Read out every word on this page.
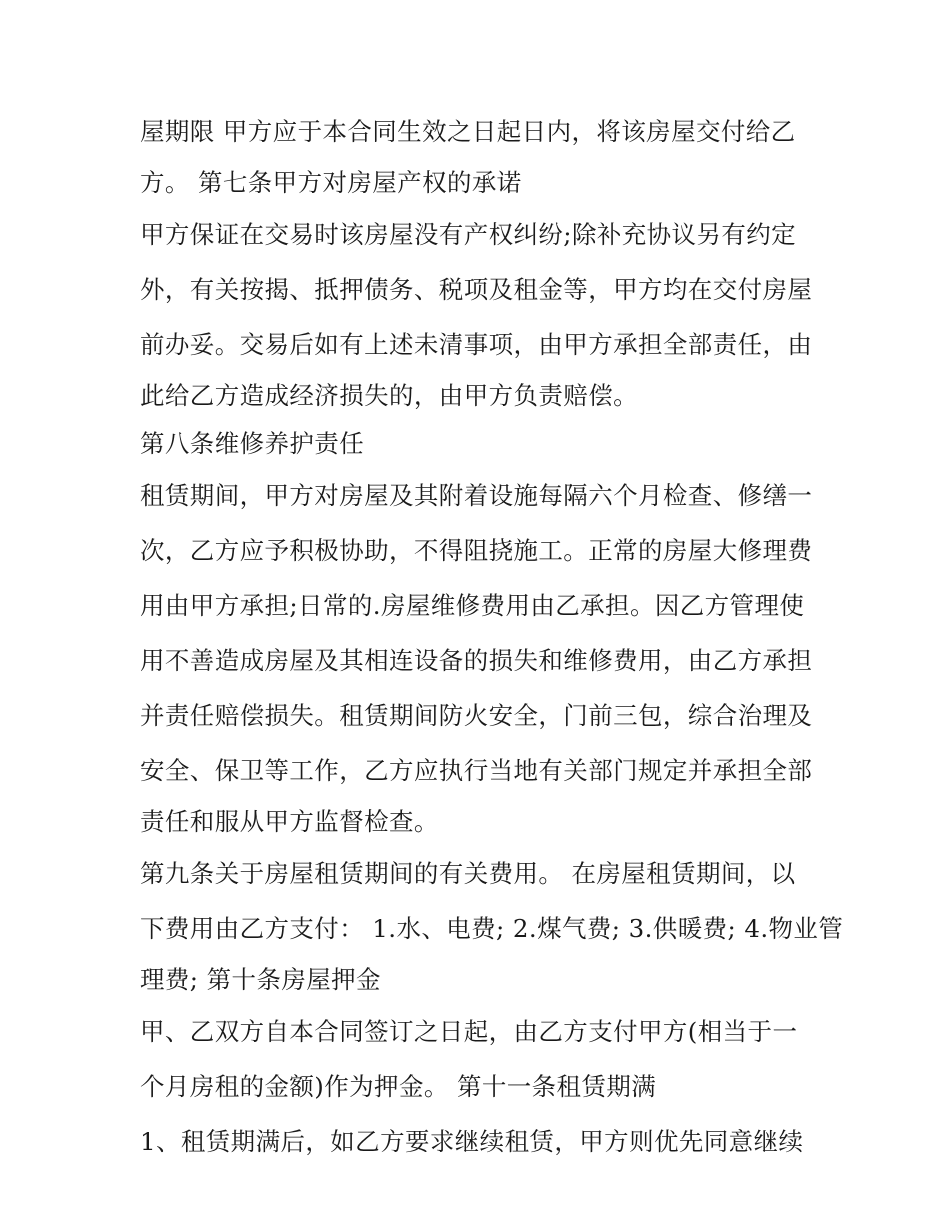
屋期限 甲方应于本合同生效之日起日内，将该房屋交付给乙
方。 第七条甲方对房屋产权的承诺
甲方保证在交易时该房屋没有产权纠纷;除补充协议另有约定
外，有关按揭、抵押债务、税项及租金等，甲方均在交付房屋
前办妥。交易后如有上述未清事项，由甲方承担全部责任，由
此给乙方造成经济损失的，由甲方负责赔偿。
第八条维修养护责任
租赁期间，甲方对房屋及其附着设施每隔六个月检查、修缮一
次，乙方应予积极协助，不得阻挠施工。正常的房屋大修理费
用由甲方承担;日常的.房屋维修费用由乙承担。因乙方管理使
用不善造成房屋及其相连设备的损失和维修费用，由乙方承担
并责任赔偿损失。租赁期间防火安全，门前三包，综合治理及
安全、保卫等工作，乙方应执行当地有关部门规定并承担全部
责任和服从甲方监督检查。
第九条关于房屋租赁期间的有关费用。 在房屋租赁期间，以
下费用由乙方支付： 1.水、电费; 2.煤气费; 3.供暖费; 4.物业管
理费; 第十条房屋押金
甲、乙双方自本合同签订之日起，由乙方支付甲方(相当于一
个月房租的金额)作为押金。 第十一条租赁期满
1、租赁期满后，如乙方要求继续租赁，甲方则优先同意继续
